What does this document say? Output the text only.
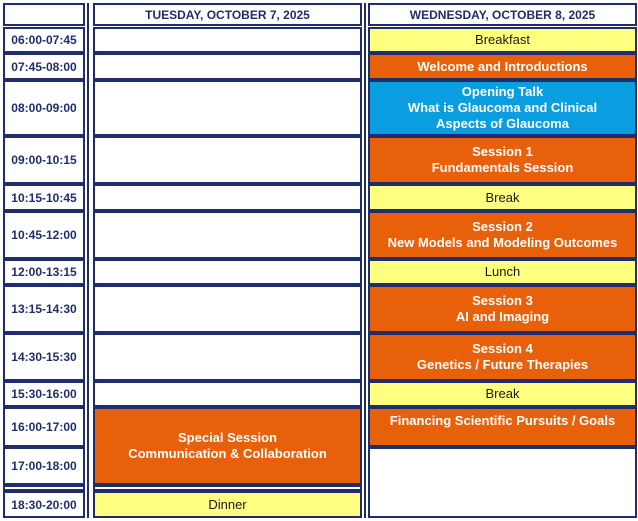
TUESDAY, OCTOBER 7, 2025	WEDNESDAY, OCTOBER 8, 2025
06:00-07:45
07:45-08:00
08:00-09:00
09:00-10:15
10:15-10:45
10:45-12:00
12:00-13:15
13:15-14:30
14:30-15:30
15:30-16:00
16:00-17:00
17:00-18:00
18:30-20:00
Special Session
Communication & Collaboration
Dinner
Breakfast
Welcome and Introductions
Opening Talk
What is Glaucoma and Clinical
Aspects of Glaucoma
Session 1
Fundamentals Session
Break
Session 2
New Models and Modeling Outcomes
Lunch
Session 3
AI and Imaging
Session 4
Genetics / Future Therapies
Break
Financing Scientific Pursuits / Goals
